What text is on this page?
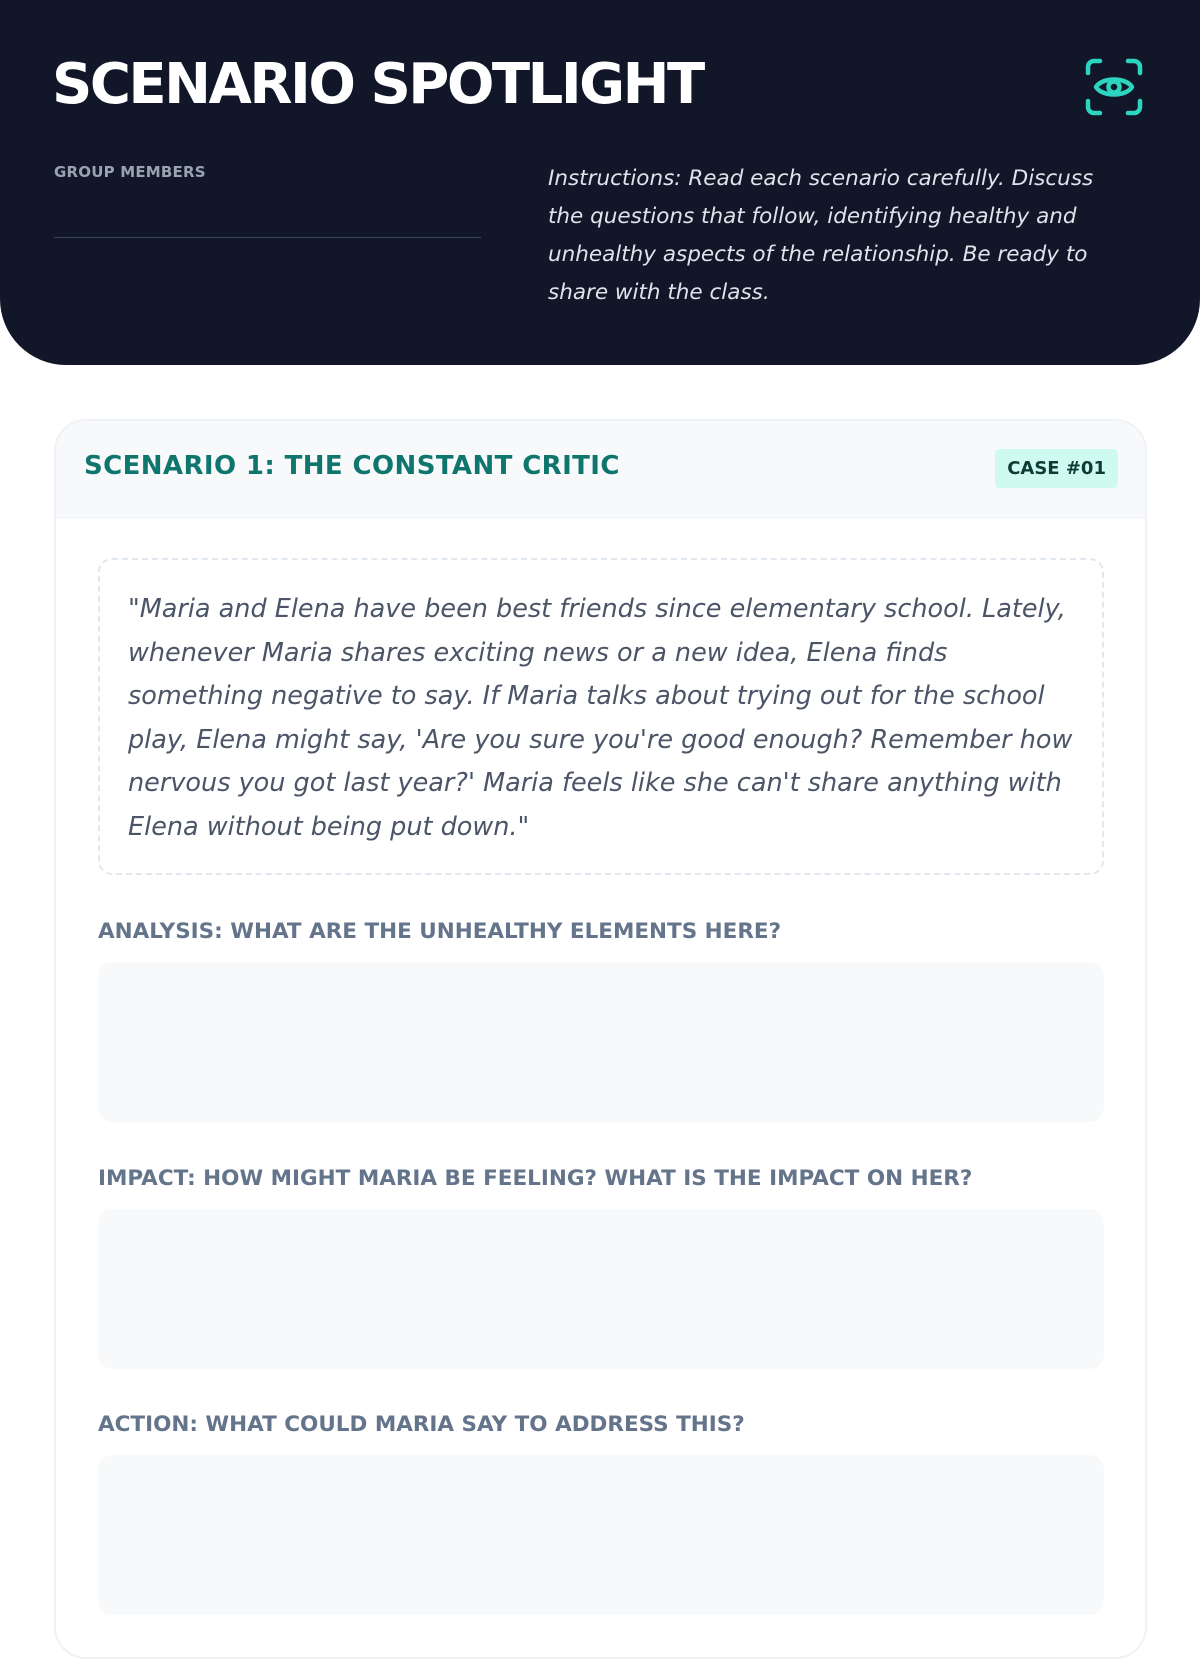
SCENARIO SPOTLIGHT
GROUP MEMBERS	Instructions: Read each scenario carefully. Discuss the questions that follow, identifying healthy and unhealthy aspects of the relationship. Be ready to share with the class.

SCENARIO 1: THE CONSTANT CRITIC	CASE #01

"Maria and Elena have been best friends since elementary school. Lately, whenever Maria shares exciting news or a new idea, Elena finds something negative to say. If Maria talks about trying out for the school play, Elena might say, 'Are you sure you're good enough? Remember how nervous you got last year?' Maria feels like she can't share anything with Elena without being put down."

ANALYSIS: WHAT ARE THE UNHEALTHY ELEMENTS HERE?
IMPACT: HOW MIGHT MARIA BE FEELING? WHAT IS THE IMPACT ON HER?
ACTION: WHAT COULD MARIA SAY TO ADDRESS THIS?
